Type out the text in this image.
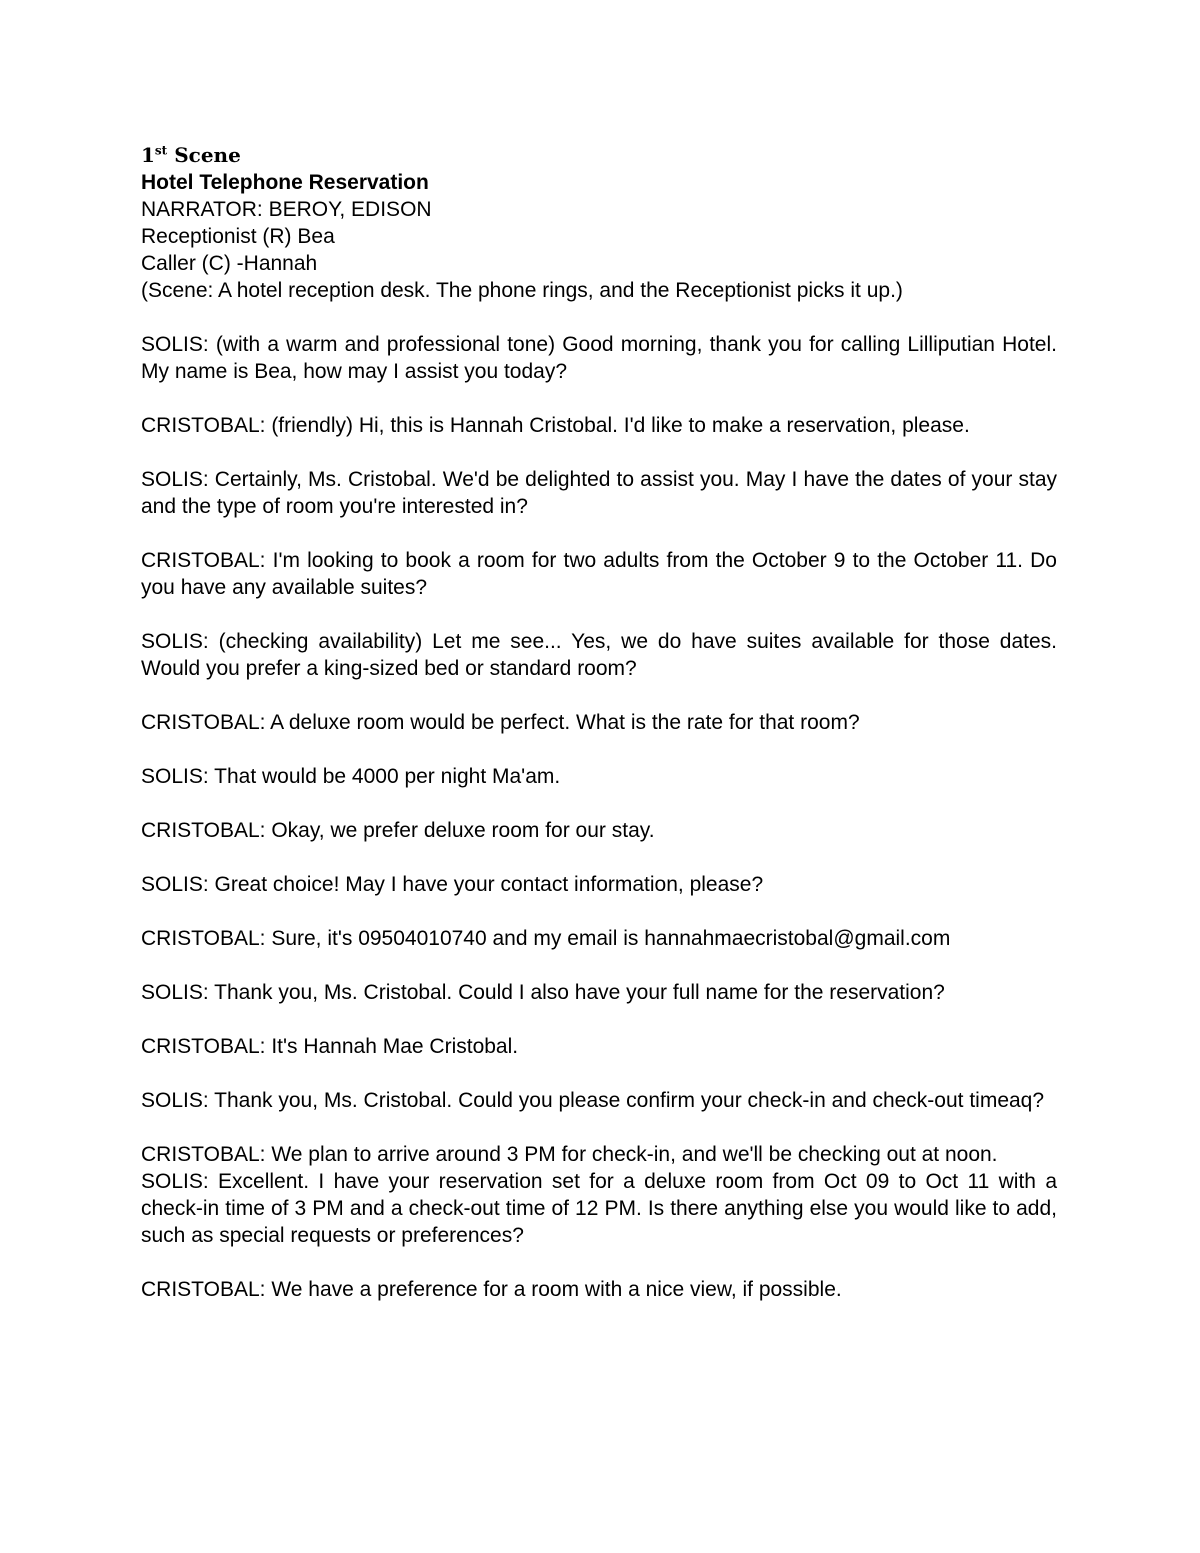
1st Scene

Hotel Telephone Reservation

NARRATOR: BEROY, EDISON

Receptionist (R) Bea

Caller (C) -Hannah

(Scene: A hotel reception desk. The phone rings, and the Receptionist picks it up.)

SOLIS: (with a warm and professional tone) Good morning, thank you for calling Lilliputian Hotel. My name is Bea, how may I assist you today?

CRISTOBAL: (friendly) Hi, this is Hannah Cristobal. I'd like to make a reservation, please.

SOLIS: Certainly, Ms. Cristobal. We'd be delighted to assist you. May I have the dates of your stay and the type of room you're interested in?

CRISTOBAL: I'm looking to book a room for two adults from the October 9 to the October 11. Do you have any available suites?

SOLIS: (checking availability) Let me see... Yes, we do have suites available for those dates. Would you prefer a king-sized bed or standard room?

CRISTOBAL: A deluxe room would be perfect. What is the rate for that room?

SOLIS: That would be 4000 per night Ma'am.

CRISTOBAL: Okay, we prefer deluxe room for our stay.

SOLIS: Great choice! May I have your contact information, please?

CRISTOBAL: Sure, it's 09504010740 and my email is hannahmaecristobal@gmail.com

SOLIS: Thank you, Ms. Cristobal. Could I also have your full name for the reservation?

CRISTOBAL: It's Hannah Mae Cristobal.

SOLIS: Thank you, Ms. Cristobal. Could you please confirm your check-in and check-out timeaq?

CRISTOBAL: We plan to arrive around 3 PM for check-in, and we'll be checking out at noon.

SOLIS: Excellent. I have your reservation set for a deluxe room from Oct 09 to Oct 11 with a check-in time of 3 PM and a check-out time of 12 PM. Is there anything else you would like to add, such as special requests or preferences?

CRISTOBAL: We have a preference for a room with a nice view, if possible.
